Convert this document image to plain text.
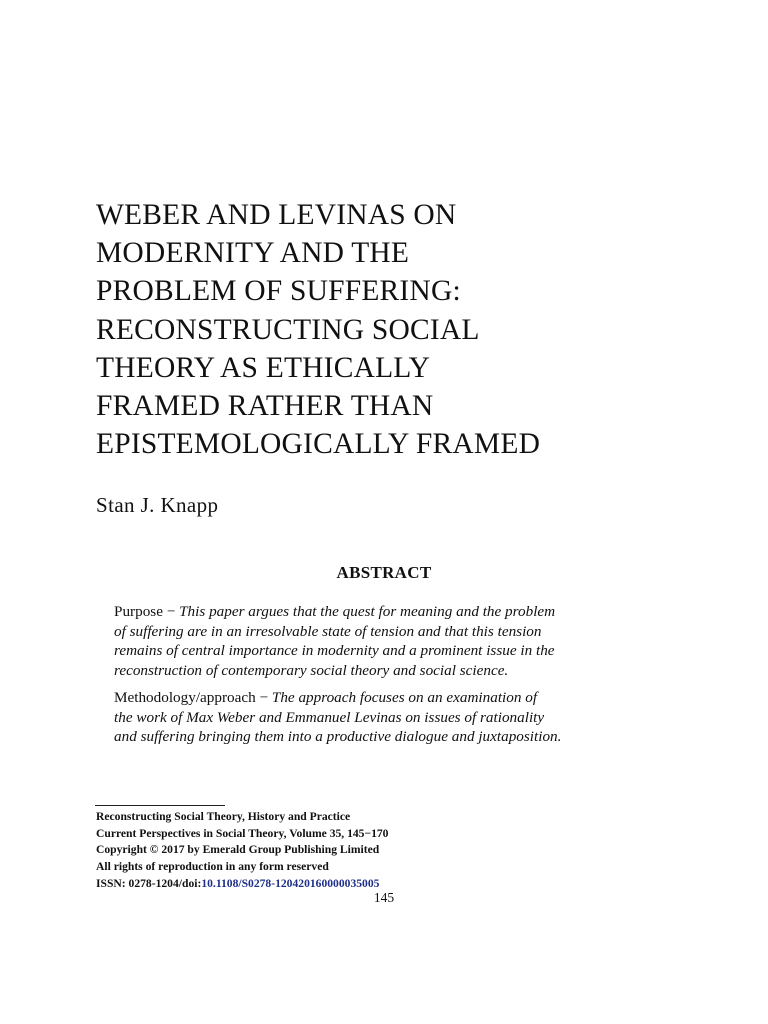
WEBER AND LEVINAS ON
MODERNITY AND THE
PROBLEM OF SUFFERING:
RECONSTRUCTING SOCIAL
THEORY AS ETHICALLY
FRAMED RATHER THAN
EPISTEMOLOGICALLY FRAMED
Stan J. Knapp
ABSTRACT

Purpose − This paper argues that the quest for meaning and the problem
of suffering are in an irresolvable state of tension and that this tension
remains of central importance in modernity and a prominent issue in the
reconstruction of contemporary social theory and social science.

Methodology/approach − The approach focuses on an examination of
the work of Max Weber and Emmanuel Levinas on issues of rationality
and suffering bringing them into a productive dialogue and juxtaposition.

Reconstructing Social Theory, History and Practice
Current Perspectives in Social Theory, Volume 35, 145−170
Copyright © 2017 by Emerald Group Publishing Limited
All rights of reproduction in any form reserved
ISSN: 0278-1204/doi:10.1108/S0278-120420160000035005
145
